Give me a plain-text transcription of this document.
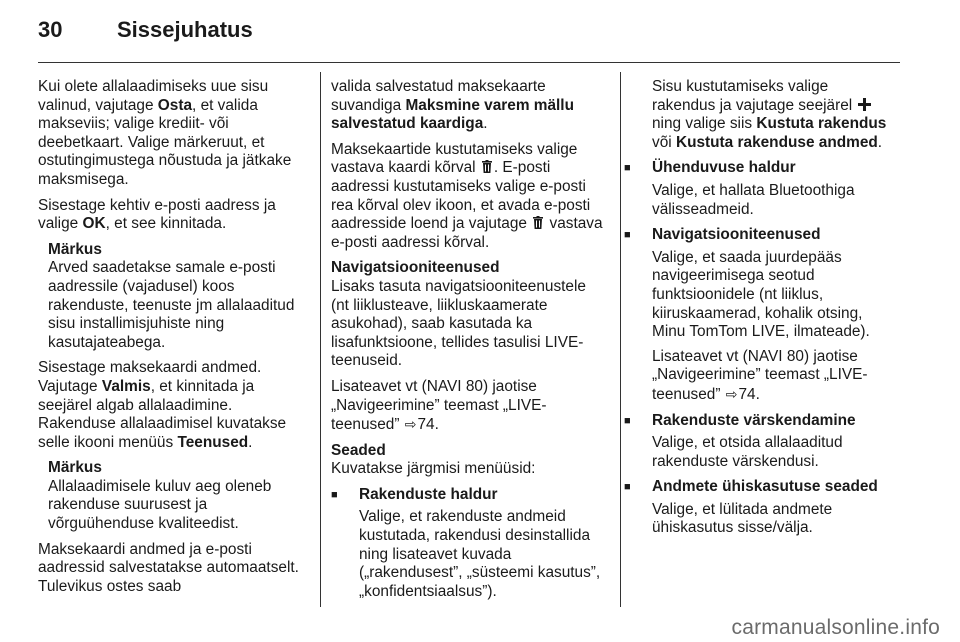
30 Sissejuhatus

Kui olete allalaadimiseks uue sisu valinud, vajutage Osta, et valida makseviis; valige krediit- või deebetkaart. Valige märkeruut, et ostutingimustega nõustuda ja jätkake maksmisega.

Sisestage kehtiv e-posti aadress ja valige OK, et see kinnitada.

Märkus
Arved saadetakse samale e-posti aadressile (vajadusel) koos rakenduste, teenuste jm allalaaditud sisu installimisjuhiste ning kasutajateabega.

Sisestage maksekaardi andmed. Vajutage Valmis, et kinnitada ja seejärel algab allalaadimine. Rakenduse allalaadimisel kuvatakse selle ikooni menüüs Teenused.

Märkus
Allalaadimisele kuluv aeg oleneb rakenduse suurusest ja võrguühenduse kvaliteedist.

Maksekaardi andmed ja e-posti aadressid salvestatakse automaatselt. Tulevikus ostes saab

valida salvestatud maksekaarte suvandiga Maksmine varem mällu salvestatud kaardiga.

Maksekaartide kustutamiseks valige vastava kaardi kõrval . E-posti aadressi kustutamiseks valige e-posti rea kõrval olev ikoon, et avada e-posti aadresside loend ja vajutage  vastava e-posti aadressi kõrval.

Navigatsiooniteenused

Lisaks tasuta navigatsiooniteenustele (nt liiklusteave, liikluskaamerate asukohad), saab kasutada ka lisafunktsioone, tellides tasulisi LIVE-teenuseid.

Lisateavet vt (NAVI 80) jaotise „Navigeerimine” teemast „LIVE-teenused” ⇨74.

Seaded

Kuvatakse järgmisi menüüsid:

■ Rakenduste haldur
Valige, et rakenduste andmeid kustutada, rakendusi desinstallida ning lisateavet kuvada („rakendusest”, „süsteemi kasutus”, „konfidentsiaalsus”).
Sisu kustutamiseks valige rakendus ja vajutage seejärel  ning valige siis Kustuta rakendus või Kustuta rakenduse andmed.
■ Ühenduvuse haldur
Valige, et hallata Bluetoothiga välisseadmeid.
■ Navigatsiooniteenused
Valige, et saada juurdepääs navigeerimisega seotud funktsioonidele (nt liiklus, kiiruskaamerad, kohalik otsing, Minu TomTom LIVE, ilmateade).
Lisateavet vt (NAVI 80) jaotise „Navigeerimine” teemast „LIVE-teenused” ⇨74.
■ Rakenduste värskendamine
Valige, et otsida allalaaditud rakenduste värskendusi.
■ Andmete ühiskasutuse seaded
Valige, et lülitada andmete ühiskasutus sisse/välja.
carmanualsonline.info
